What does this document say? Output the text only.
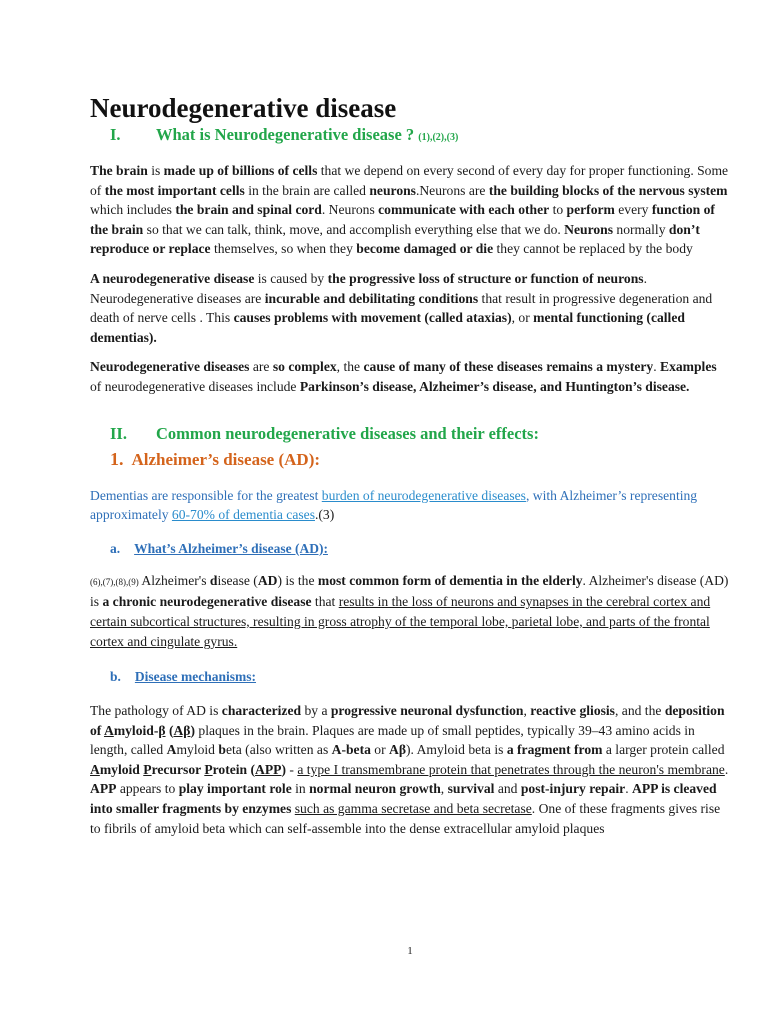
Neurodegenerative disease
I.	What is Neurodegenerative disease ? (1),(2),(3)

The brain is made up of billions of cells that we depend on every second of every day for proper functioning. Some of the most important cells in the brain are called neurons.Neurons are the building blocks of the nervous system which includes the brain and spinal cord. Neurons communicate with each other to perform every function of the brain so that we can talk, think, move, and accomplish everything else that we do. Neurons normally don’t reproduce or replace themselves, so when they become damaged or die they cannot be replaced by the body

A neurodegenerative disease is caused by the progressive loss of structure or function of neurons. Neurodegenerative diseases are incurable and debilitating conditions that result in progressive degeneration and death of nerve cells . This causes problems with movement (called ataxias), or mental functioning (called dementias).

Neurodegenerative diseases are so complex, the cause of many of these diseases remains a mystery. Examples of neurodegenerative diseases include Parkinson’s disease, Alzheimer’s disease, and Huntington’s disease.

II.	Common neurodegenerative diseases and their effects:
1. Alzheimer’s disease (AD):

Dementias are responsible for the greatest burden of neurodegenerative diseases, with Alzheimer’s representing approximately 60-70% of dementia cases.(3)

a. What’s Alzheimer’s disease (AD):

(6),(7),(8),(9) Alzheimer's disease (AD) is the most common form of dementia in the elderly. Alzheimer's disease (AD) is a chronic neurodegenerative disease that results in the loss of neurons and synapses in the cerebral cortex and certain subcortical structures, resulting in gross atrophy of the temporal lobe, parietal lobe, and parts of the frontal cortex and cingulate gyrus.

b. Disease mechanisms:

The pathology of AD is characterized by a progressive neuronal dysfunction, reactive gliosis, and the deposition of Amyloid-β (Aβ) plaques in the brain. Plaques are made up of small peptides, typically 39–43 amino acids in length, called Amyloid beta (also written as A-beta or Aβ). Amyloid beta is a fragment from a larger protein called Amyloid Precursor Protein (APP) - a type I transmembrane protein that penetrates through the neuron's membrane. APP appears to play important role in normal neuron growth, survival and post-injury repair. APP is cleaved into smaller fragments by enzymes such as gamma secretase and beta secretase. One of these fragments gives rise to fibrils of amyloid beta which can self-assemble into the dense extracellular amyloid plaques

1
